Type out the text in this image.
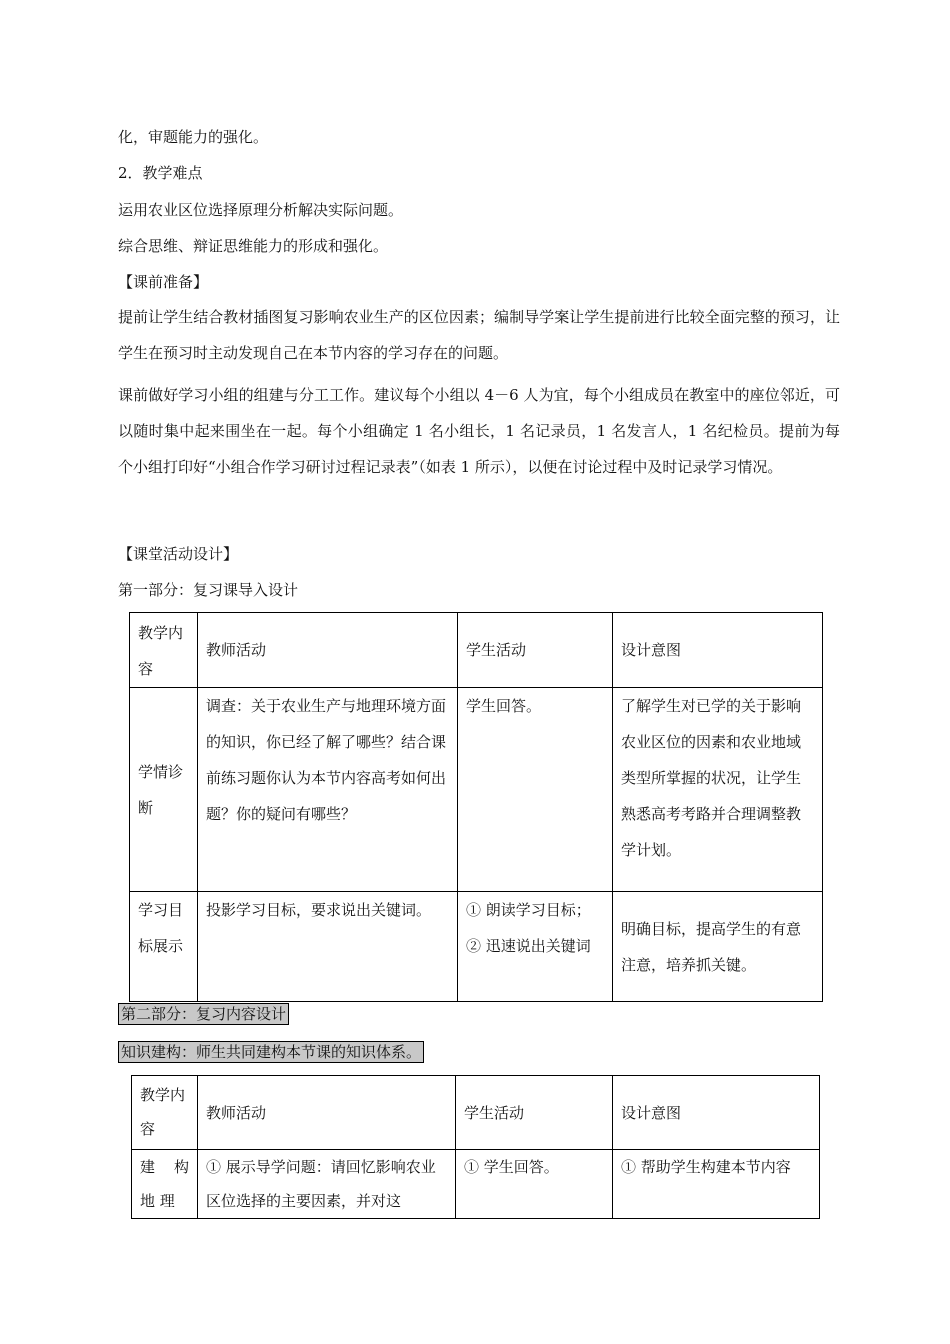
化，审题能力的强化。
2．教学难点
运用农业区位选择原理分析解决实际问题。
综合思维、辩证思维能力的形成和强化。
【课前准备】
提前让学生结合教材插图复习影响农业生产的区位因素；编制导学案让学生提前进行比较全面完整的预习，让学生在预习时主动发现自己在本节内容的学习存在的问题。
课前做好学习小组的组建与分工工作。建议每个小组以 4－6 人为宜，每个小组成员在教室中的座位邻近，可以随时集中起来围坐在一起。每个小组确定 1 名小组长，1 名记录员，1 名发言人，1 名纪检员。提前为每个小组打印好“小组合作学习研讨过程记录表”（如表 1 所示），以便在讨论过程中及时记录学习情况。
【课堂活动设计】
第一部分：复习课导入设计
教学内容	教师活动	学生活动	设计意图
学情诊断	调查：关于农业生产与地理环境方面的知识，你已经了解了哪些？结合课前练习题你认为本节内容高考如何出题？你的疑问有哪些？	学生回答。	了解学生对已学的关于影响农业区位的因素和农业地域类型所掌握的状况，让学生熟悉高考考路并合理调整教学计划。
学习目标展示	投影学习目标，要求说出关键词。	① 朗读学习目标；② 迅速说出关键词	明确目标，提高学生的有意注意，培养抓关键。
第二部分：复习内容设计
知识建构：师生共同建构本节课的知识体系。
教学内容	教师活动	学生活动	设计意图
建 构 地 理	① 展示导学问题：请回忆影响农业区位选择的主要因素，并对这	① 学生回答。	① 帮助学生构建本节内容
